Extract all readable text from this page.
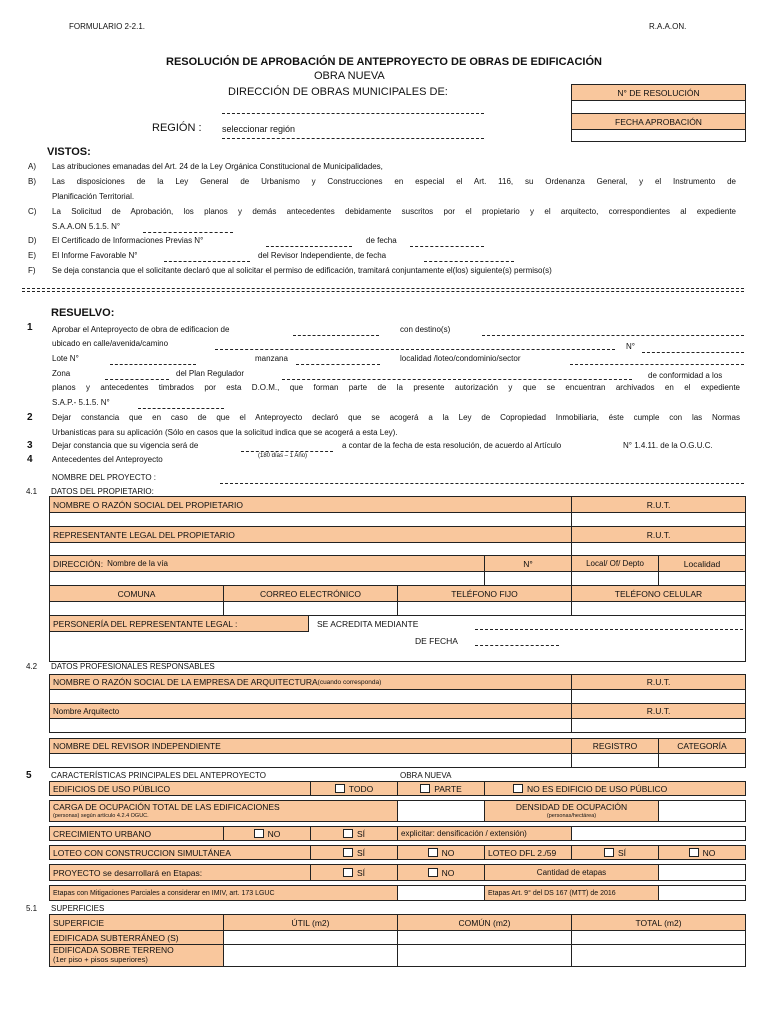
FORMULARIO 2-2.1.	R.A.A.ON.
RESOLUCIÓN DE APROBACIÓN DE ANTEPROYECTO DE OBRAS DE EDIFICACIÓN
OBRA NUEVA
DIRECCIÓN DE OBRAS MUNICIPALES DE:
REGIÓN : seleccionar región
N° DE RESOLUCIÓN
FECHA APROBACIÓN
VISTOS:
A) Las atribuciones emanadas del Art. 24 de la Ley Orgánica Constitucional de Municipalidades,
B) Las disposiciones de la Ley General de Urbanismo y Construcciones en especial el Art. 116, su Ordenanza General, y el Instrumento de
Planificación Territorial.
C) La Solicitud de Aprobación, los planos y demás antecedentes debidamente suscritos por el propietario y el arquitecto, correspondientes al expediente
S.A.A.ON 5.1.5. N°
D) El Certificado de Informaciones Previas N°	de fecha
E) El Informe Favorable N°	del Revisor Independiente, de fecha
F) Se deja constancia que el solicitante declaró que al solicitar el permiso de edificación, tramitará conjuntamente el(los) siguiente(s) permiso(s)
RESUELVO:
1 Aprobar el Anteproyecto de obra de edificacion de	con destino(s)
ubicado en calle/avenida/camino	N°
Lote N°	manzana	localidad /loteo/condominio/sector
Zona	del Plan Regulador	de conformidad a los
planos y antecedentes timbrados por esta D.O.M., que forman parte de la presente autorización y que se encuentran archivados en el expediente
S.A.P.- 5.1.5. N°
2 Dejar constancia que en caso de que el Anteproyecto declaró que se acogerá a la Ley de Copropiedad Inmobiliaria, éste cumple con las Normas
Urbanisticas para su aplicación (Sólo en casos que la solicitud indica que se acogerá a esta Ley).
3 Dejar constancia que su vigencia será de
(180 días – 1 Año)
a contar de la fecha de esta resolución, de acuerdo al Artículo	N° 1.4.11. de la O.G.U.C.
4 Antecedentes del Anteproyecto
NOMBRE DEL PROYECTO :
4.1 DATOS DEL PROPIETARIO:
NOMBRE O RAZÓN SOCIAL DEL PROPIETARIO	R.U.T.
REPRESENTANTE LEGAL DEL PROPIETARIO	R.U.T.
DIRECCIÓN: Nombre de la vía	N°	Local/ Of/ Depto	Localidad
COMUNA	CORREO ELECTRÓNICO	TELÉFONO FIJO	TELÉFONO CELULAR
PERSONERÍA DEL REPRESENTANTE LEGAL :	SE ACREDITA MEDIANTE
DE FECHA
4.2 DATOS PROFESIONALES RESPONSABLES
NOMBRE O RAZÓN SOCIAL DE LA EMPRESA DE ARQUITECTURA (cuando corresponda)	R.U.T.
Nombre Arquitecto	R.U.T.
NOMBRE DEL REVISOR INDEPENDIENTE	REGISTRO	CATEGORÍA
5 CARACTERÍSTICAS PRINCIPALES DEL ANTEPROYECTO	OBRA NUEVA
EDIFICIOS DE USO PÚBLICO	TODO	PARTE	NO ES EDIFICIO DE USO PÚBLICO
CARGA DE OCUPACIÓN TOTAL DE LAS EDIFICACIONES
(personas) según artículo 4.2.4 OGUC.
DENSIDAD DE OCUPACIÓN
(personas/hectárea)
CRECIMIENTO URBANO	NO	SÍ	explicitar: densificación / extensión)
LOTEO CON CONSTRUCCION SIMULTÁNEA	SÍ	NO	LOTEO DFL 2./59	SÍ	NO
PROYECTO se desarrollará en Etapas:	SÍ	NO	Cantidad de etapas
Etapas con Mitigaciones Parciales a considerar en IMIV, art. 173 LGUC	Etapas Art. 9° del DS 167 (MTT) de 2016
5.1 SUPERFICIES
SUPERFICIE	ÚTIL (m2)	COMÚN (m2)	TOTAL (m2)
EDIFICADA SUBTERRÁNEO (S)
EDIFICADA SOBRE TERRENO
(1er piso + pisos superiores)
